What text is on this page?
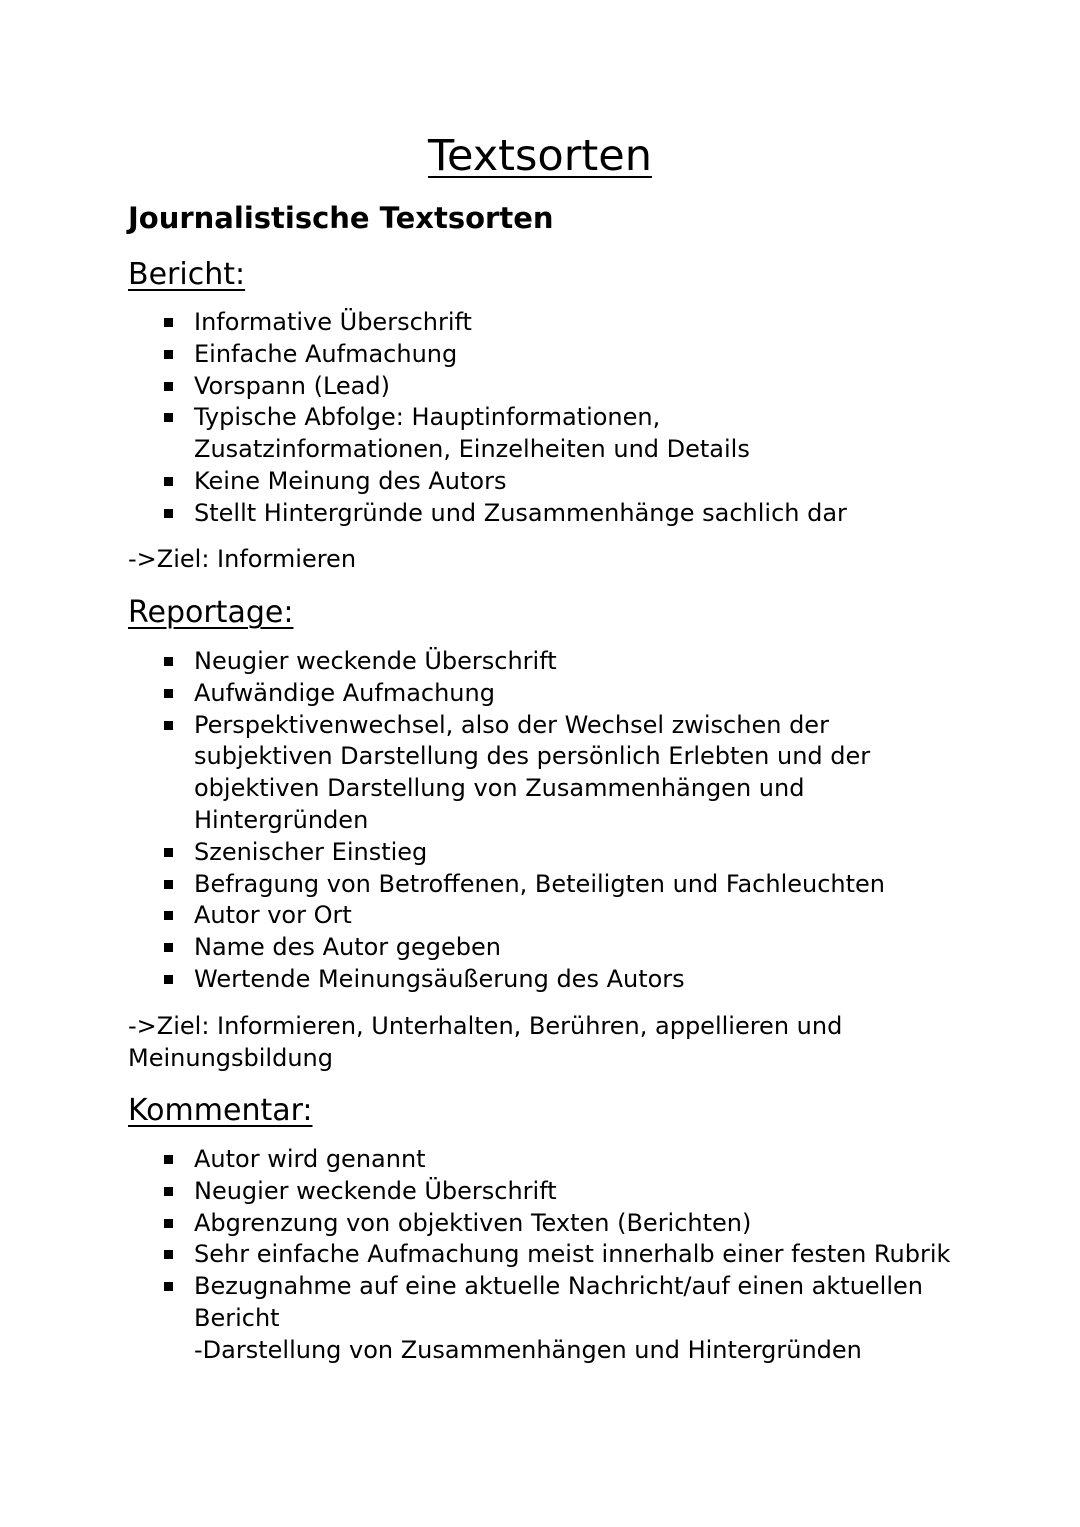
Textsorten
Journalistische Textsorten
Bericht:
Informative Überschrift
Einfache Aufmachung
Vorspann (Lead)
Typische Abfolge: Hauptinformationen, Zusatzinformationen, Einzelheiten und Details
Keine Meinung des Autors
Stellt Hintergründe und Zusammenhänge sachlich dar
->Ziel: Informieren
Reportage:
Neugier weckende Überschrift
Aufwändige Aufmachung
Perspektivenwechsel, also der Wechsel zwischen der subjektiven Darstellung des persönlich Erlebten und der objektiven Darstellung von Zusammenhängen und Hintergründen
Szenischer Einstieg
Befragung von Betroffenen, Beteiligten und Fachleuchten
Autor vor Ort
Name des Autor gegeben
Wertende Meinungsäußerung des Autors
->Ziel: Informieren, Unterhalten, Berühren, appellieren und Meinungsbildung
Kommentar:
Autor wird genannt
Neugier weckende Überschrift
Abgrenzung von objektiven Texten (Berichten)
Sehr einfache Aufmachung meist innerhalb einer festen Rubrik
Bezugnahme auf eine aktuelle Nachricht/auf einen aktuellen Bericht
-Darstellung von Zusammenhängen und Hintergründen
